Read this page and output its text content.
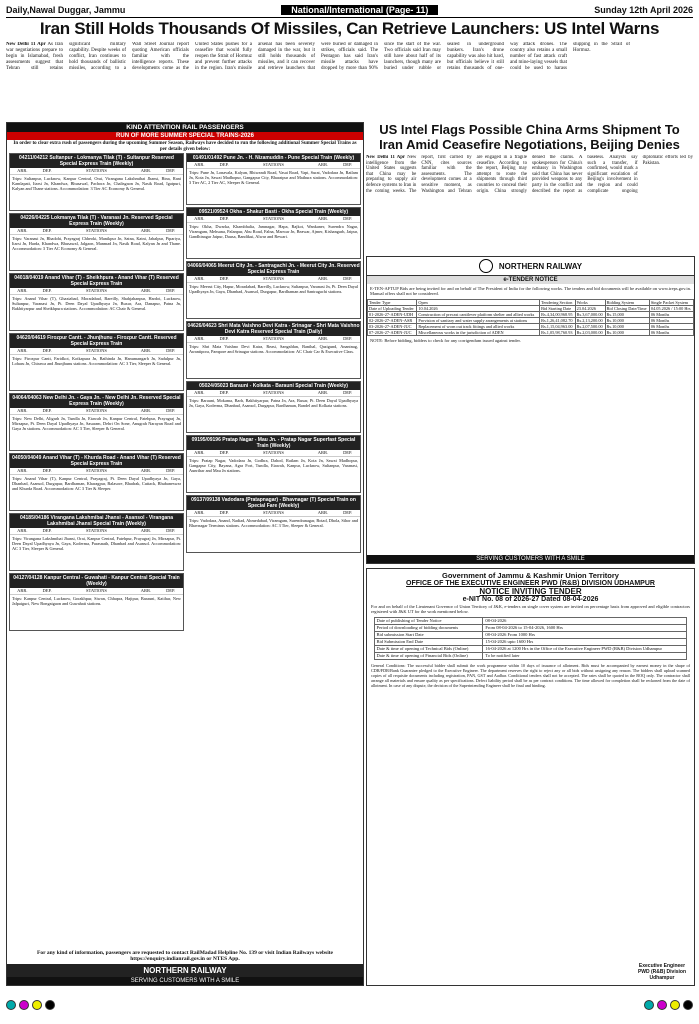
Daily,Nawal Duggar, Jammu	National/International (Page- 11)	Sunday 12th April 2026
Iran Still Holds Thousands Of Missiles, Can Retrieve Launchers: US Intel Warns
New Delhi 11 Apr As Iran war negotiations prepare to begin in Islamabad, fresh assessments suggest that Tehran still retains significant military capability. Despite weeks of conflict, Iran continues to hold thousands of ballistic missiles, according to a Wall Street Journal report quoting American officials familiar with the intelligence reports. These developments come as the United States pushes for a ceasefire that would fully reopen the Strait of Hormuz and prevent further attacks in the region. Iran's missile arsenal has been severely damaged in the war, but it still holds thousands of missiles, and it can recover and retrieve launchers that were buried or damaged in strikes, officials said. The Pentagon has said Iran's missile attacks have dropped by more than 90% since the start of the war. Two officials said Iran may still have about half of its launchers, though many are buried under rubble or sealed in underground bunkers. Iran's drone capability was also hit hard, but officials believe it still retains thousands of one-way attack drones. The country also retains a small number of fast attack craft and mine-laying vessels that could be used to harass shipping in the Strait of Hormuz.
KIND ATTENTION RAIL PASSENGERS
RUN OF MORE SUMMER SPECIAL TRAINS-2026
In order to clear extra rush of passengers during the upcoming Summer Season, Railways have decided to run the following additional Summer Special Trains as per details given below:
04211/04212 Sultanpur - Lokmanya Tilak (T) - Sultanpur Reserved Special Express Train (Weekly)
ARR.	DEP.	STATIONS	ARR.	DEP.
Trips: Sultanpur, Lucknow, Kanpur Central, Orai, Virangana Lakshmibai Jhansi, Bina, Rani Kamlapati, Itarsi Jn, Khandwa, Bhusawal, Pachora Jn, Chalisgaon Jn, Nasik Road, Igatpuri, Kalyan and Thane stations. Accommodation: 3 Tier AC Economy & General.
04226/04225 Lokmanya Tilak (T) - Varanasi Jn. Reserved Special Express Train (Weekly)
ARR.	DEP.	STATIONS	ARR.	DEP.
Trips: Varanasi Jn, Bhadohi, Prayagraj Chheoki, Manikpur Jn, Satna, Katni, Jabalpur, Pipariya, Itarsi Jn, Harda, Khandwa, Bhusawal, Jalgaon, Manmad Jn, Nasik Road, Kalyan Jn and Thane. Accommodation: 3 Tier AC Economy & General.
04018/04019 Anand Vihar (T) - Sheikhpura - Anand Vihar (T) Reserved Special Express Train
ARR.	DEP.	STATIONS	ARR.	DEP.
Trips: Anand Vihar (T), Ghaziabad, Moradabad, Bareilly, Shahjahanpur, Hardoi, Lucknow, Sultanpur, Varanasi Jn, Pt. Deen Dayal Upadhyaya Jn, Buxar, Ara, Danapur, Patna Jn, Bakhtiyarpur and Sheikhpura stations. Accommodation: AC Chair & General.
04620/04619 Firozpur Cantt. - Jhunjhunu - Firozpur Cantt. Reserved Special Express Train
ARR.	DEP.	STATIONS	ARR.	DEP.
Trips: Firozpur Cantt, Faridkot, Kotkapura Jn, Bathinda Jn, Hanumangarh Jn, Sadulpur Jn, Loharu Jn, Chirawa and Jhunjhunu stations. Accommodation: AC 3 Tier, Sleeper & General.
04064/04063 New Delhi Jn. - Gaya Jn. - New Delhi Jn. Reserved Special Express Train (Weekly)
ARR.	DEP.	STATIONS	ARR.	DEP.
Trips: New Delhi, Aligarh Jn, Tundla Jn, Etawah Jn, Kanpur Central, Fatehpur, Prayagraj Jn, Mirzapur, Pt. Deen Dayal Upadhyaya Jn, Sasaram, Dehri On Sone, Anugrah Narayan Road and Gaya Jn stations. Accommodation: AC 3 Tier, Sleeper & General.
04050/04049 Anand Vihar (T) - Khurda Road - Anand Vihar (T) Reserved Special Express Train
ARR.	DEP.	STATIONS	ARR.	DEP.
Trips: Anand Vihar (T), Kanpur Central, Prayagraj, Pt. Deen Dayal Upadhyaya Jn, Gaya, Dhanbad, Asansol, Durgapur, Bardhaman, Kharagpur, Balasore, Bhadrak, Cuttack, Bhubaneswar and Khurda Road. Accommodation: AC 3 Tier & Sleeper.
04185/04186 Virangana Lakshmibai Jhansi - Asansol - Virangana Lakshmibai Jhansi Special Train (Weekly)
ARR.	DEP.	STATIONS	ARR.	DEP.
Trips: Virangana Lakshmibai Jhansi, Orai, Kanpur Central, Fatehpur, Prayagraj Jn, Mirzapur, Pt. Deen Dayal Upadhyaya Jn, Gaya, Koderma, Parasnath, Dhanbad and Asansol. Accommodation: AC 3 Tier, Sleeper & General.
04127/04128 Kanpur Central - Guwahati - Kanpur Central Special Train (Weekly)
ARR.	DEP.	STATIONS	ARR.	DEP.
Trips: Kanpur Central, Lucknow, Gorakhpur, Siwan, Chhapra, Hajipur, Barauni, Katihar, New Jalpaiguri, New Bongaigaon and Guwahati stations.
01491/01492 Pune Jn. - H. Nizamuddin - Pune Special Train (Weekly)
ARR.	DEP.	STATIONS	ARR.	DEP.
Trips: Pune Jn, Lonavala, Kalyan, Bhiwandi Road, Vasai Road, Vapi, Surat, Vadodara Jn, Ratlam Jn, Kota Jn, Sawai Madhopur, Gangapur City, Bharatpur and Mathura stations. Accommodation: 3 Tier AC, 2 Tier AC, Sleeper & General.
09521/09524 Okha - Shakur Basti - Okha Special Train (Weekly)
ARR.	DEP.	STATIONS	ARR.	DEP.
Trips: Okha, Dwarka, Khambhalia, Jamnagar, Hapa, Rajkot, Wankaner, Surendra Nagar, Viramgam, Mehsana, Palanpur, Abu Road, Falna, Marwar Jn, Beawar, Ajmer, Kishangarh, Jaipur, Gandhinagar Jaipur, Dausa, Bandikui, Alwar and Rewari.
04066/04065 Meerut City Jn. - Santragachi Jn. - Meerut City Jn. Reserved Special Express Train
ARR.	DEP.	STATIONS	ARR.	DEP.
Trips: Meerut City, Hapur, Moradabad, Bareilly, Lucknow, Sultanpur, Varanasi Jn, Pt. Deen Dayal Upadhyaya Jn, Gaya, Dhanbad, Asansol, Durgapur, Bardhaman and Santragachi stations.
04626/04623 Shri Mata Vaishno Devi Katra - Srinagar - Shri Mata Vaishno Devi Katra Reserved Special Train (Daily)
ARR.	DEP.	STATIONS	ARR.	DEP.
Trips: Shri Mata Vaishno Devi Katra, Reasi, Sangaldan, Banihal, Qazigund, Anantnag, Awantipora, Pampore and Srinagar stations. Accommodation: AC Chair Car & Executive Class.
05024/05023 Barauni - Kolkata - Barauni Special Train (Weekly)
ARR.	DEP.	STATIONS	ARR.	DEP.
Trips: Barauni, Mokama, Barh, Bakhtiyarpur, Patna Jn, Ara, Buxar, Pt. Deen Dayal Upadhyaya Jn, Gaya, Koderma, Dhanbad, Asansol, Durgapur, Bardhaman, Bandel and Kolkata stations.
09195/09196 Pratap Nagar - Mau Jn. - Pratap Nagar Superfast Special Train (Weekly)
ARR.	DEP.	STATIONS	ARR.	DEP.
Trips: Pratap Nagar, Vadodara Jn, Godhra, Dahod, Ratlam Jn, Kota Jn, Sawai Madhopur, Gangapur City, Bayana, Agra Fort, Tundla, Etawah, Kanpur, Lucknow, Sultanpur, Varanasi, Aunrihar and Mau Jn stations.
09137/09138 Vadodara (Pratapnagar) - Bhavnagar (T) Special Train on Special Fare (Weekly)
ARR.	DEP.	STATIONS	ARR.	DEP.
Trips: Vadodara, Anand, Nadiad, Ahmedabad, Viramgam, Surendranagar, Botad, Dhola, Sihor and Bhavnagar Terminus stations. Accommodation: AC 3 Tier, Sleeper & General.
For any kind of information, passengers are requested to contact RailMadad Helpline No. 139 or visit Indian Railways website https://enquiry.indianrail.gov.in or NTES App.
NORTHERN RAILWAY
SERVING CUSTOMERS WITH A SMILE
US Intel Flags Possible China Arms Shipment To Iran Amid Ceasefire Negotiations, Beijing Denies
New Delhi 11 Apr New intelligence from the United States suggests that China may be preparing to supply air defence systems to Iran in the coming weeks. The report, first carried by CNN, cites sources familiar with the assessments. The development comes at a sensitive moment, as Washington and Tehran are engaged in a fragile ceasefire. According to the report, Beijing may attempt to route the shipments through third countries to conceal their origin. China strongly denied the claims. A spokesperson for China's embassy in Washington said that China has never provided weapons to any party in the conflict and described the report as baseless. Analysts say such a transfer, if confirmed, would mark a significant escalation of Beijing's involvement in the region and could complicate ongoing diplomatic efforts led by Pakistan.
NORTHERN RAILWAY
e-TENDER NOTICE
E-TEN-AFTUP Bids are being invited for and on behalf of The President of India for the following works. The tenders and bid documents will be available on www.ireps.gov.in. Manual offers shall not be considered.
Tender Type	Open	Tendering Section	Works	Bidding System	Single Packet System
Date of Uploading Tender	10.04.2026	Bid Starting Date	23.04.2026	Bid Closing Date/Time	04.05.2026 / 15:00 Hrs
01-2026-27-ADEN-UDH	Construction of precast cantilever platform shelter and allied works	Rs.4,34,00,968.95	Rs.3,67,000.00	Rs.15,000	06 Months
02-2026-27-ADEN-ASR	Provision of sanitary and water supply arrangements at stations	Rs.1,26,41,082.70	Rs.2,13,200.00	Rs.10,000	06 Months
03-2026-27-ADEN-JUC	Replacement of worn out track fittings and allied works	Rs.1,15,04,963.00	Rs.2,07,500.00	Rs.10,000	06 Months
07-2026-27-ADEN-JUC	Miscellaneous works in the jurisdiction of ADEN	Rs.1,05,98,760.93	Rs.2,03,000.00	Rs.10,000	06 Months
NOTE: Before bidding, bidders to check for any corrigendum issued against tender.
SERVING CUSTOMERS WITH A SMILE
Government of Jammu & Kashmir Union Territory
OFFICE OF THE EXECUTIVE ENGINEER PWD (R&B) DIVISION UDHAMPUR
NOTICE INVITING TENDER
e-NIT No. 08 of 2026-27 Dated 08-04-2026
For and on behalf of the Lieutenant Governor of Union Territory of J&K, e-tenders on single cover system are invited on percentage basis from approved and eligible contractors registered with J&K UT for the work mentioned below.
Date of publishing of Tender Notice	08-04-2026
Period of downloading of bidding documents	From 08-04-2026 to 15-04-2026, 1600 Hrs
Bid submission Start Date	08-04-2026 From 1000 Hrs
Bid Submission End Date	15-04-2026 upto 1600 Hrs
Date & time of opening of Technical Bids (Online)	16-04-2026 at 1200 Hrs in the Office of the Executive Engineer PWD (R&B) Division Udhampur
Date & time of opening of Financial Bids (Online)	To be notified later
General Conditions: The successful bidder shall submit the work programme within 10 days of issuance of allotment. Bids must be accompanied by earnest money in the shape of CDR/FDR/Bank Guarantee pledged to the Executive Engineer. The department reserves the right to reject any or all bids without assigning any reason. The bidders shall upload scanned copies of all requisite documents including registration, PAN, GST and Aadhar. Conditional tenders shall not be accepted. The rates shall be quoted in the BOQ only. The contractor shall arrange all materials and ensure quality as per specifications. Defect liability period shall be as per contract conditions. The time allowed for completion shall be reckoned from the date of allotment. In case of any dispute, the decision of the Superintending Engineer shall be final and binding.
Executive Engineer
PWD (R&B) Division
Udhampur
